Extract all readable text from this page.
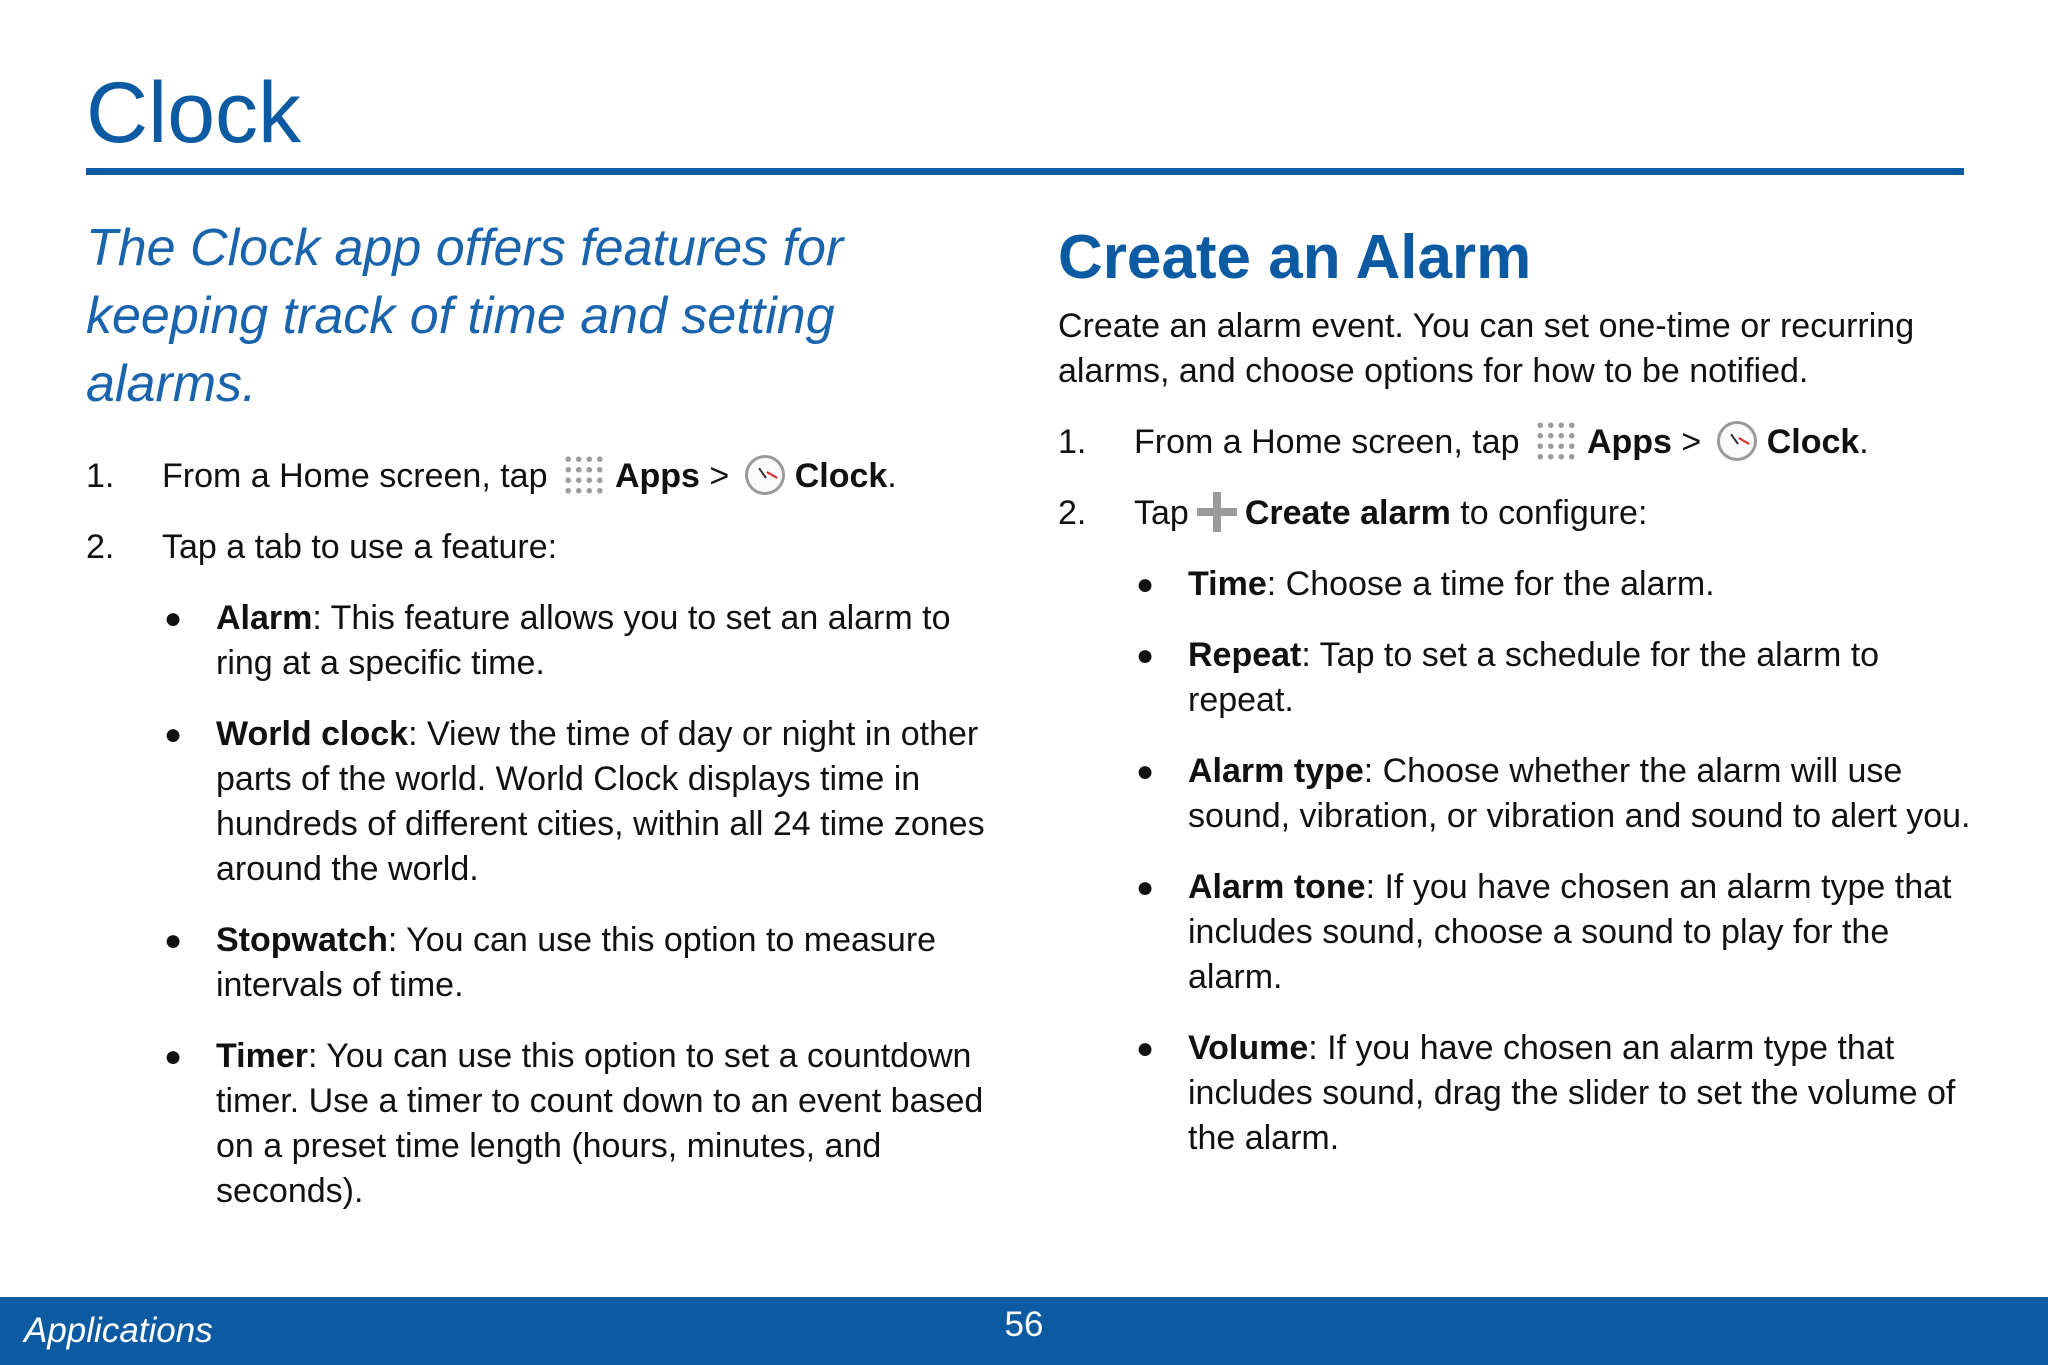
Clock

The Clock app offers features for keeping track of time and setting alarms.

1. From a Home screen, tap Apps > Clock.
2. Tap a tab to use a feature:
● Alarm: This feature allows you to set an alarm to ring at a specific time.
● World clock: View the time of day or night in other parts of the world. World Clock displays time in hundreds of different cities, within all 24 time zones around the world.
● Stopwatch: You can use this option to measure intervals of time.
● Timer: You can use this option to set a countdown timer. Use a timer to count down to an event based on a preset time length (hours, minutes, and seconds).
Create an Alarm

Create an alarm event. You can set one-time or recurring alarms, and choose options for how to be notified.

1. From a Home screen, tap Apps > Clock.
2. Tap Create alarm to configure:
● Time: Choose a time for the alarm.
● Repeat: Tap to set a schedule for the alarm to repeat.
● Alarm type: Choose whether the alarm will use sound, vibration, or vibration and sound to alert you.
● Alarm tone: If you have chosen an alarm type that includes sound, choose a sound to play for the alarm.
● Volume: If you have chosen an alarm type that includes sound, drag the slider to set the volume of the alarm.
Applications	56
